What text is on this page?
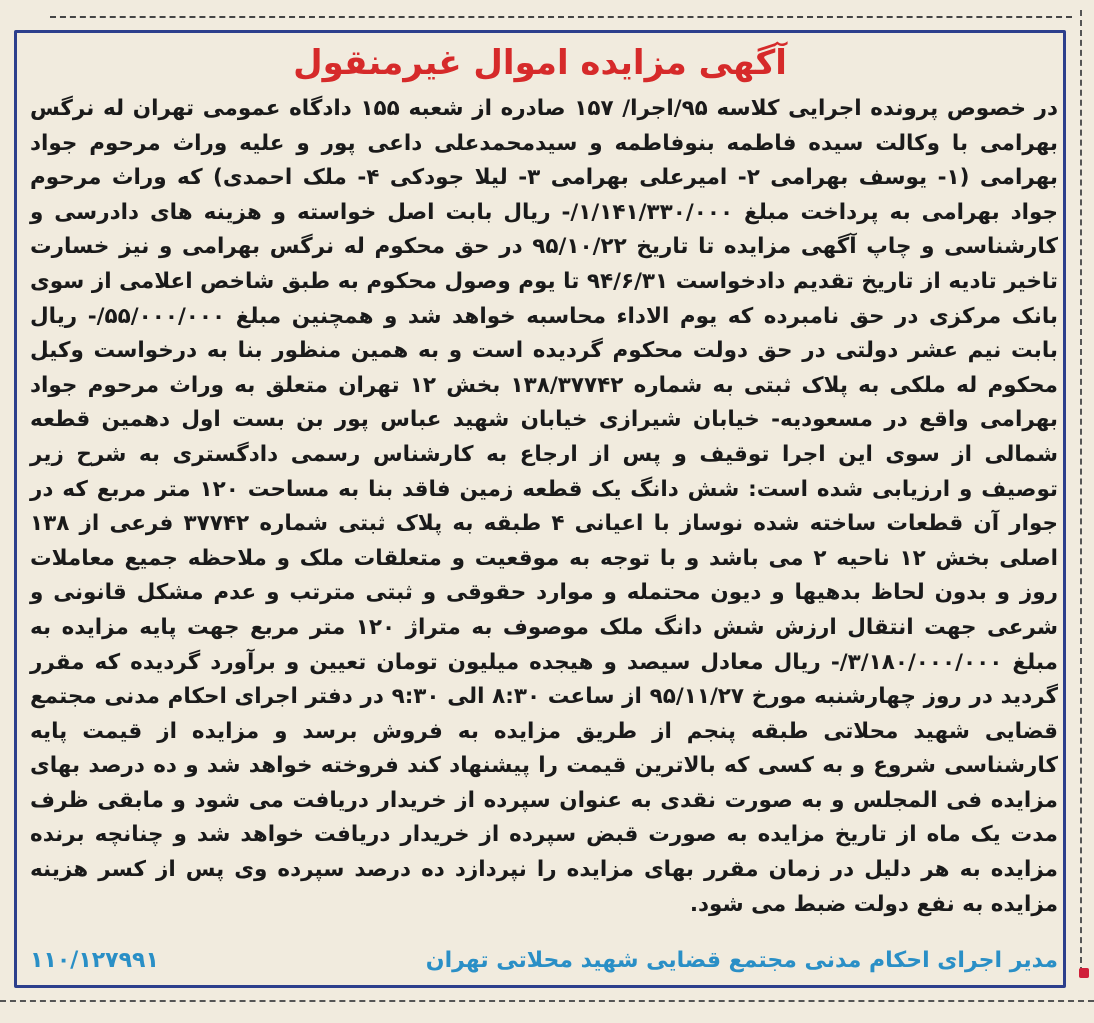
آگهی مزایده اموال غیرمنقول
در خصوص پرونده اجرایی کلاسه ۹۵/اجرا/ ۱۵۷ صادره از شعبه ۱۵۵ دادگاه عمومی تهران له نرگس بهرامی با وکالت سیده فاطمه بنوفاطمه و سیدمحمدعلی داعی پور و علیه وراث مرحوم جواد بهرامی (۱- یوسف بهرامی ۲- امیرعلی بهرامی ۳- لیلا جودکی ۴- ملک احمدی) که وراث مرحوم جواد بهرامی به پرداخت مبلغ ۱/۱۴۱/۳۳۰/۰۰۰/- ریال بابت اصل خواسته و هزینه های دادرسی و کارشناسی و چاپ آگهی مزایده تا تاریخ ۹۵/۱۰/۲۲ در حق محکوم له نرگس بهرامی و نیز خسارت تاخیر تادیه از تاریخ تقدیم دادخواست ۹۴/۶/۳۱ تا یوم وصول محکوم به طبق شاخص اعلامی از سوی بانک مرکزی در حق نامبرده که یوم الاداء محاسبه خواهد شد و همچنین مبلغ ۵۵/۰۰۰/۰۰۰/- ریال بابت نیم عشر دولتی در حق دولت محکوم گردیده است و به همین منظور بنا به درخواست وکیل محکوم له ملکی به پلاک ثبتی به شماره ۱۳۸/۳۷۷۴۲ بخش ۱۲ تهران متعلق به وراث مرحوم جواد بهرامی واقع در مسعودیه- خیابان شیرازی خیابان شهید عباس پور بن بست اول دهمین قطعه شمالی از سوی این اجرا توقیف و پس از ارجاع به کارشناس رسمی دادگستری به شرح زیر توصیف و ارزیابی شده است: شش دانگ یک قطعه زمین فاقد بنا به مساحت ۱۲۰ متر مربع که در جوار آن قطعات ساخته شده نوساز با اعیانی ۴ طبقه به پلاک ثبتی شماره ۳۷۷۴۲ فرعی از ۱۳۸ اصلی بخش ۱۲ ناحیه ۲ می باشد و با توجه به موقعیت و متعلقات ملک و ملاحظه جمیع معاملات روز و بدون لحاظ بدهیها و دیون محتمله و موارد حقوقی و ثبتی مترتب و عدم مشکل قانونی و شرعی جهت انتقال ارزش شش دانگ ملک موصوف به متراژ ۱۲۰ متر مربع جهت پایه مزایده به مبلغ ۳/۱۸۰/۰۰۰/۰۰۰/- ریال معادل سیصد و هیجده میلیون تومان تعیین و برآورد گردیده که مقرر گردید در روز چهارشنبه مورخ ۹۵/۱۱/۲۷ از ساعت ۸:۳۰ الی ۹:۳۰ در دفتر اجرای احکام مدنی مجتمع قضایی شهید محلاتی طبقه پنجم از طریق مزایده به فروش برسد و مزایده از قیمت پایه کارشناسی شروع و به کسی که بالاترین قیمت را پیشنهاد کند فروخته خواهد شد و ده درصد بهای مزایده فی المجلس و به صورت نقدی به عنوان سپرده از خریدار دریافت می شود و مابقی ظرف مدت یک ماه از تاریخ مزایده به صورت قبض سپرده از خریدار دریافت خواهد شد و چنانچه برنده مزایده به هر دلیل در زمان مقرر بهای مزایده را نپردازد ده درصد سپرده وی پس از کسر هزینه مزایده به نفع دولت ضبط می شود.
مدیر اجرای احکام مدنی مجتمع قضایی شهید محلاتی تهران
۱۱۰/۱۲۷۹۹۱
